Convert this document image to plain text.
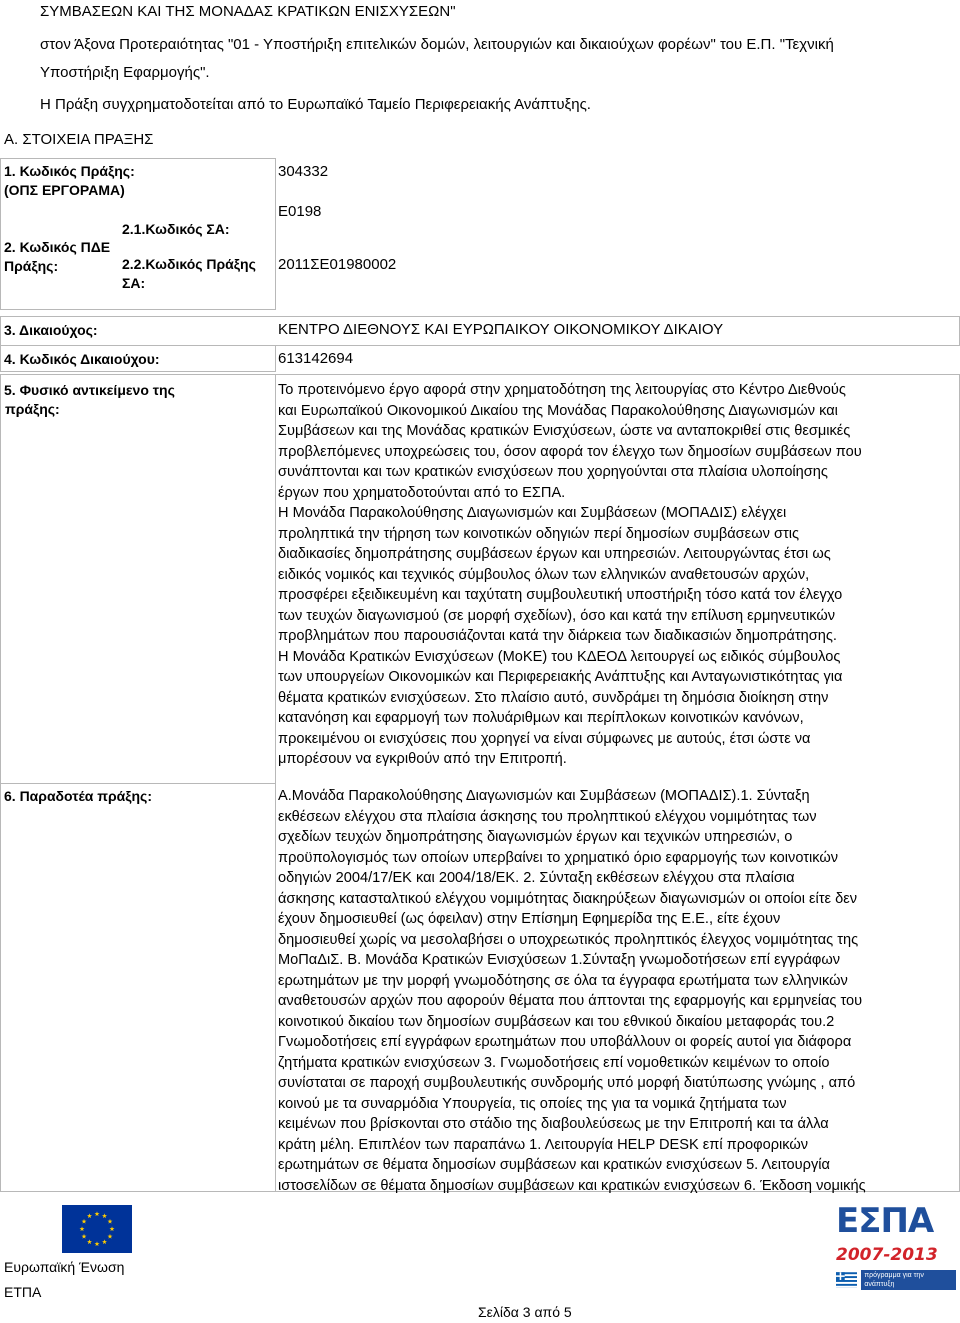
ΣΥΜΒΑΣΕΩΝ ΚΑΙ ΤΗΣ ΜΟΝΑΔΑΣ ΚΡΑΤΙΚΩΝ ΕΝΙΣΧΥΣΕΩΝ"
στον Άξονα Προτεραιότητας "01 - Υποστήριξη επιτελικών δομών, λειτουργιών και δικαιούχων φορέων" του Ε.Π. "Τεχνική
Υποστήριξη Εφαρμογής".
Η Πράξη συγχρηματοδοτείται από το Ευρωπαϊκό Ταμείο Περιφερειακής Ανάπτυξης.
Α. ΣΤΟΙΧΕΙΑ ΠΡΑΞΗΣ
1. Κωδικός Πράξης:
(ΟΠΣ ΕΡΓΟΡΑΜΑ)
304332
2. Κωδικός ΠΔΕ
Πράξης:
2.1.Κωδικός ΣΑ:
Ε0198
2.2.Κωδικός Πράξης
ΣΑ:
2011ΣΕ01980002
3. Δικαιούχος:	ΚΕΝΤΡΟ ΔΙΕΘΝΟΥΣ ΚΑΙ ΕΥΡΩΠΑΙΚΟΥ ΟΙΚΟΝΟΜΙΚΟΥ ΔΙΚΑΙΟΥ
4. Κωδικός Δικαιούχου:	613142694
5. Φυσικό αντικείμενο της
πράξης:
6. Παραδοτέα πράξης:
Το προτεινόμενο έργο αφορά στην χρηματοδότηση της λειτουργίας στο Κέντρο Διεθνούς
και Ευρωπαϊκού Οικονομικού Δικαίου της Μονάδας Παρακολούθησης Διαγωνισμών και
Συμβάσεων και της Μονάδας κρατικών Ενισχύσεων, ώστε να ανταποκριθεί στις θεσμικές
προβλεπόμενες υποχρεώσεις του, όσον αφορά τον έλεγχο των δημοσίων συμβάσεων που
συνάπτονται και των κρατικών ενισχύσεων που χορηγούνται στα πλαίσια υλοποίησης
έργων που χρηματοδοτούνται από το ΕΣΠΑ.
Η Μονάδα Παρακολούθησης Διαγωνισμών και Συμβάσεων (ΜΟΠΑΔΙΣ) ελέγχει
προληπτικά την τήρηση των κοινοτικών οδηγιών περί δημοσίων συμβάσεων στις
διαδικασίες δημοπράτησης συμβάσεων έργων και υπηρεσιών. Λειτουργώντας έτσι ως
ειδικός νομικός και τεχνικός σύμβουλος όλων των ελληνικών αναθετουσών αρχών,
προσφέρει εξειδικευμένη και ταχύτατη συμβουλευτική υποστήριξη τόσο κατά τον έλεγχο
των τευχών διαγωνισμού (σε μορφή σχεδίων), όσο και κατά την επίλυση ερμηνευτικών
προβλημάτων που παρουσιάζονται κατά την διάρκεια των διαδικασιών δημοπράτησης.
Η Μονάδα Κρατικών Ενισχύσεων (ΜοΚΕ) του ΚΔΕΟΔ λειτουργεί ως ειδικός σύμβουλος
των υπουργείων Οικονομικών και Περιφερειακής Ανάπτυξης και Ανταγωνιστικότητας για
θέματα κρατικών ενισχύσεων. Στο πλαίσιο αυτό, συνδράμει τη δημόσια διοίκηση στην
κατανόηση και εφαρμογή των πολυάριθμων και περίπλοκων κοινοτικών κανόνων,
προκειμένου οι ενισχύσεις που χορηγεί να είναι σύμφωνες με αυτούς, έτσι ώστε να
μπορέσουν να εγκριθούν από την Επιτροπή.
Α.Μονάδα Παρακολούθησης Διαγωνισμών και Συμβάσεων (ΜΟΠΑΔΙΣ).1. Σύνταξη
εκθέσεων ελέγχου στα πλαίσια άσκησης του προληπτικού ελέγχου νομιμότητας των
σχεδίων τευχών δημοπράτησης διαγωνισμών έργων και τεχνικών υπηρεσιών, ο
προϋπολογισμός των οποίων υπερβαίνει το χρηματικό όριο εφαρμογής των κοινοτικών
οδηγιών 2004/17/ΕΚ και 2004/18/ΕΚ. 2. Σύνταξη εκθέσεων ελέγχου στα πλαίσια
άσκησης κατασταλτικού ελέγχου νομιμότητας διακηρύξεων διαγωνισμών οι οποίοι είτε δεν
έχουν δημοσιευθεί (ως όφειλαν) στην Επίσημη Εφημερίδα της Ε.Ε., είτε έχουν
δημοσιευθεί χωρίς να μεσολαβήσει ο υποχρεωτικός προληπτικός έλεγχος νομιμότητας της
ΜοΠαΔιΣ. Β. Μονάδα Κρατικών Ενισχύσεων 1.Σύνταξη γνωμοδοτήσεων επί εγγράφων
ερωτημάτων με την μορφή γνωμοδότησης σε όλα τα έγγραφα ερωτήματα των ελληνικών
αναθετουσών αρχών που αφορούν θέματα που άπτονται της εφαρμογής και ερμηνείας του
κοινοτικού δικαίου των δημοσίων συμβάσεων και του εθνικού δικαίου μεταφοράς του.2
Γνωμοδοτήσεις επί εγγράφων ερωτημάτων που υποβάλλουν οι φορείς αυτοί για διάφορα
ζητήματα κρατικών ενισχύσεων 3. Γνωμοδοτήσεις επί νομοθετικών κειμένων το οποίο
συνίσταται σε παροχή συμβουλευτικής συνδρομής υπό μορφή διατύπωσης γνώμης , από
κοινού με τα συναρμόδια Υπουργεία, τις οποίες της για τα νομικά ζητήματα των
κειμένων που βρίσκονται στο στάδιο της διαβουλεύσεως με την Επιτροπή και τα άλλα
κράτη μέλη. Επιπλέον των παραπάνω 1. Λειτουργία HELP DESK επί προφορικών
ερωτημάτων σε θέματα δημοσίων συμβάσεων και κρατικών ενισχύσεων 5. Λειτουργία
ιστοσελίδων σε θέματα δημοσίων συμβάσεων και κρατικών ενισχύσεων 6. Έκδοση νομικής
Ευρωπαϊκή Ένωση
ΕΤΠΑ
Σελίδα 3 από 5
ΕΣΠΑ
2007-2013
πρόγραμμα για την ανάπτυξη
